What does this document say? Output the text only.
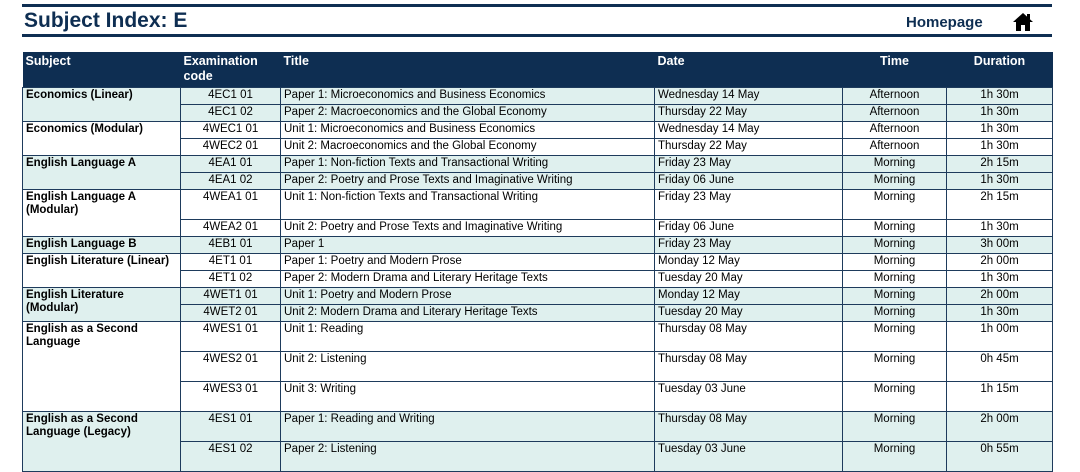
Subject Index: E	Homepage
Subject	Examination code	Title	Date	Time	Duration
Economics (Linear)	4EC1 01	Paper 1: Microeconomics and Business Economics	Wednesday 14 May	Afternoon	1h 30m
	4EC1 02	Paper 2: Macroeconomics and the Global Economy	Thursday 22 May	Afternoon	1h 30m
Economics (Modular)	4WEC1 01	Unit 1: Microeconomics and Business Economics	Wednesday 14 May	Afternoon	1h 30m
	4WEC2 01	Unit 2: Macroeconomics and the Global Economy	Thursday 22 May	Afternoon	1h 30m
English Language A	4EA1 01	Paper 1: Non-fiction Texts and Transactional Writing	Friday 23 May	Morning	2h 15m
	4EA1 02	Paper 2: Poetry and Prose Texts and Imaginative Writing	Friday 06 June	Morning	1h 30m
English Language A (Modular)	4WEA1 01	Unit 1: Non-fiction Texts and Transactional Writing	Friday 23 May	Morning	2h 15m
	4WEA2 01	Unit 2: Poetry and Prose Texts and Imaginative Writing	Friday 06 June	Morning	1h 30m
English Language B	4EB1 01	Paper 1	Friday 23 May	Morning	3h 00m
English Literature (Linear)	4ET1 01	Paper 1: Poetry and Modern Prose	Monday 12 May	Morning	2h 00m
	4ET1 02	Paper 2: Modern Drama and Literary Heritage Texts	Tuesday 20 May	Morning	1h 30m
English Literature (Modular)	4WET1 01	Unit 1: Poetry and Modern Prose	Monday 12 May	Morning	2h 00m
	4WET2 01	Unit 2: Modern Drama and Literary Heritage Texts	Tuesday 20 May	Morning	1h 30m
English as a Second Language	4WES1 01	Unit 1: Reading	Thursday 08 May	Morning	1h 00m
	4WES2 01	Unit 2: Listening	Thursday 08 May	Morning	0h 45m
	4WES3 01	Unit 3: Writing	Tuesday 03 June	Morning	1h 15m
English as a Second Language (Legacy)	4ES1 01	Paper 1: Reading and Writing	Thursday 08 May	Morning	2h 00m
	4ES1 02	Paper 2: Listening	Tuesday 03 June	Morning	0h 55m
